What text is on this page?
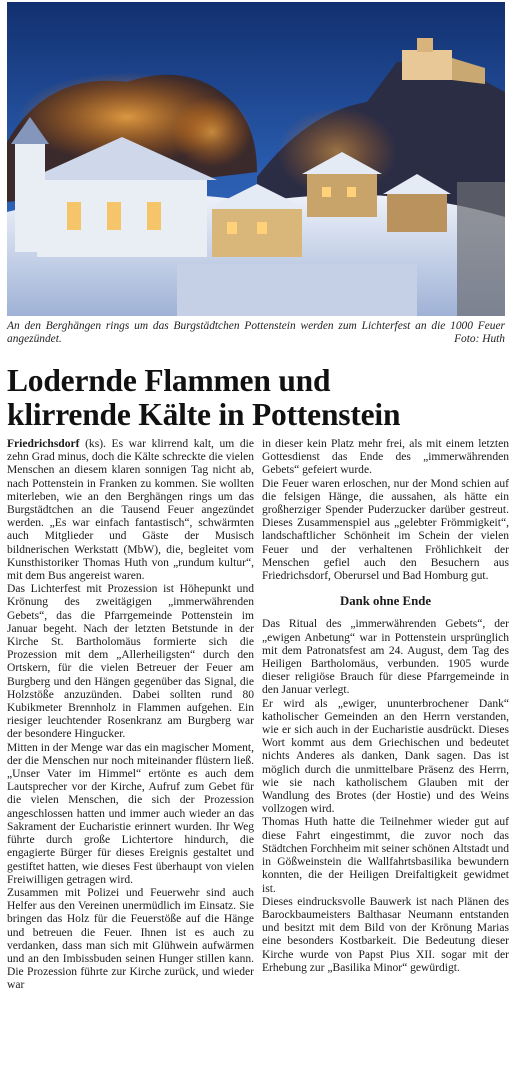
An den Berghängen rings um das Burgstädtchen Pottenstein werden zum Lichterfest an die 1000 Feuer angezündet.	Foto: Huth
Lodernde Flammen und
klirrende Kälte in Pottenstein

Friedrichsdorf (ks). Es war klirrend kalt, um die zehn Grad minus, doch die Kälte schreckte die vielen Menschen an diesem klaren sonnigen Tag nicht ab, nach Pottenstein in Franken zu kommen. Sie wollten miterleben, wie an den Berghängen rings um das Burgstädtchen an die Tausend Feuer angezündet werden. „Es war einfach fantastisch“, schwärmten auch Mitglieder und Gäste der Musisch bildnerischen Werkstatt (MbW), die, begleitet vom Kunsthistoriker Thomas Huth von „rundum kultur“, mit dem Bus angereist waren.

Das Lichterfest mit Prozession ist Höhepunkt und Krönung des zweitägigen „immerwährenden Gebets“, das die Pfarrgemeinde Pottenstein im Januar begeht. Nach der letzten Betstunde in der Kirche St. Bartholomäus formierte sich die Prozession mit dem „Allerheiligsten“ durch den Ortskern, für die vielen Betreuer der Feuer am Burgberg und den Hängen gegenüber das Signal, die Holzstöße anzuzünden. Dabei sollten rund 80 Kubikmeter Brennholz in Flammen aufgehen. Ein riesiger leuchtender Rosenkranz am Burgberg war der besondere Hingucker.

Mitten in der Menge war das ein magischer Moment, der die Menschen nur noch miteinander flüstern ließ. „Unser Vater im Himmel“ ertönte es auch dem Lautsprecher vor der Kirche, Aufruf zum Gebet für die vielen Menschen, die sich der Prozession angeschlossen hatten und immer auch wieder an das Sakrament der Eucharistie erinnert wurden. Ihr Weg führte durch große Lichtertore hindurch, die engagierte Bürger für dieses Ereignis gestaltet und gestiftet hatten, wie dieses Fest überhaupt von vielen Freiwilligen getragen wird.

Zusammen mit Polizei und Feuerwehr sind auch Helfer aus den Vereinen unermüdlich im Einsatz. Sie bringen das Holz für die Feuerstöße auf die Hänge und betreuen die Feuer. Ihnen ist es auch zu verdanken, dass man sich mit Glühwein aufwärmen und an den Imbissbuden seinen Hunger stillen kann. Die Prozession führte zur Kirche zurück, und wieder war

in dieser kein Platz mehr frei, als mit einem letzten Gottesdienst das Ende des „immerwährenden Gebets“ gefeiert wurde.

Die Feuer waren erloschen, nur der Mond schien auf die felsigen Hänge, die aussahen, als hätte ein großherziger Spender Puderzucker darüber gestreut. Dieses Zusammenspiel aus „gelebter Frömmigkeit“, landschaftlicher Schönheit im Schein der vielen Feuer und der verhaltenen Fröhlichkeit der Menschen gefiel auch den Besuchern aus Friedrichsdorf, Oberursel und Bad Homburg gut.

Dank ohne Ende

Das Ritual des „immerwährenden Gebets“, der „ewigen Anbetung“ war in Pottenstein ursprünglich mit dem Patronatsfest am 24. August, dem Tag des Heiligen Bartholomäus, verbunden. 1905 wurde dieser religiöse Brauch für diese Pfarrgemeinde in den Januar verlegt.

Er wird als „ewiger, ununterbrochener Dank“ katholischer Gemeinden an den Herrn verstanden, wie er sich auch in der Eucharistie ausdrückt. Dieses Wort kommt aus dem Griechischen und bedeutet nichts Anderes als danken, Dank sagen. Das ist möglich durch die unmittelbare Präsenz des Herrn, wie sie nach katholischem Glauben mit der Wandlung des Brotes (der Hostie) und des Weins vollzogen wird.

Thomas Huth hatte die Teilnehmer wieder gut auf diese Fahrt eingestimmt, die zuvor noch das Städtchen Forchheim mit seiner schönen Altstadt und in Gößweinstein die Wallfahrtsbasilika bewundern konnten, die der Heiligen Dreifaltigkeit gewidmet ist.

Dieses eindrucksvolle Bauwerk ist nach Plänen des Barockbaumeisters Balthasar Neumann entstanden und besitzt mit dem Bild von der Krönung Marias eine besonders Kostbarkeit. Die Bedeutung dieser Kirche wurde von Papst Pius XII. sogar mit der Erhebung zur „Basilika Minor“ gewürdigt.
